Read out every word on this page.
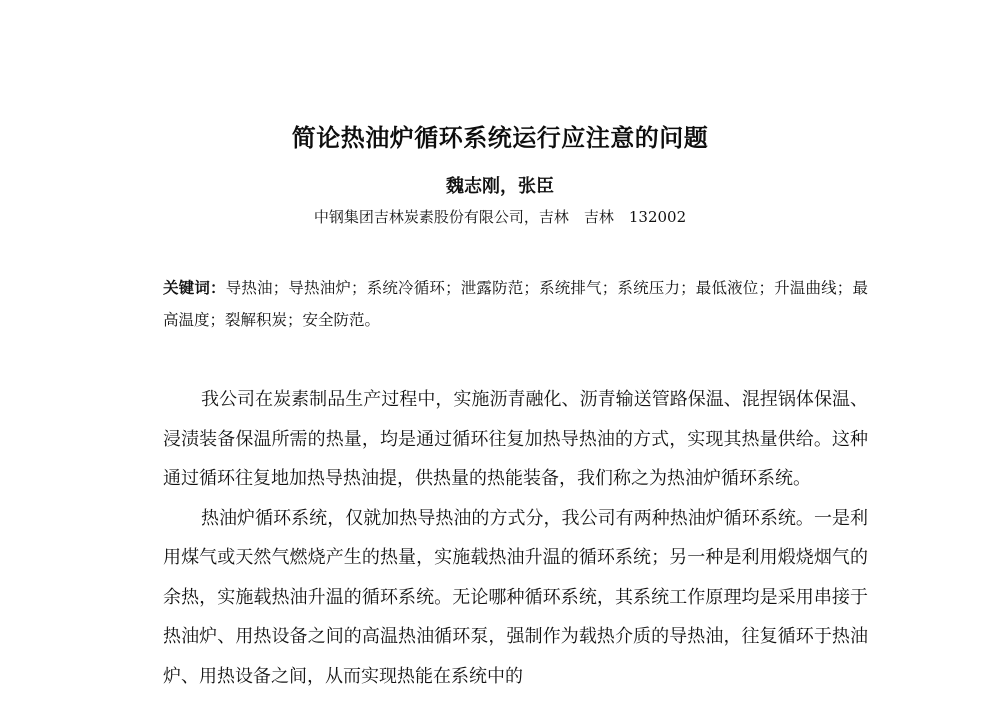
简论热油炉循环系统运行应注意的问题
魏志刚，张臣
中钢集团吉林炭素股份有限公司，吉林　吉林　132002
关键词：导热油；导热油炉；系统冷循环；泄露防范；系统排气；系统压力；最低液位；升温曲线；最高温度；裂解积炭；安全防范。

我公司在炭素制品生产过程中，实施沥青融化、沥青输送管路保温、混捏锅体保温、浸渍装备保温所需的热量，均是通过循环往复加热导热油的方式，实现其热量供给。这种通过循环往复地加热导热油提，供热量的热能装备，我们称之为热油炉循环系统。

热油炉循环系统，仅就加热导热油的方式分，我公司有两种热油炉循环系统。一是利用煤气或天然气燃烧产生的热量，实施载热油升温的循环系统；另一种是利用煅烧烟气的余热，实施载热油升温的循环系统。无论哪种循环系统，其系统工作原理均是采用串接于热油炉、用热设备之间的高温热油循环泵，强制作为载热介质的导热油，往复循环于热油炉、用热设备之间，从而实现热能在系统中的
